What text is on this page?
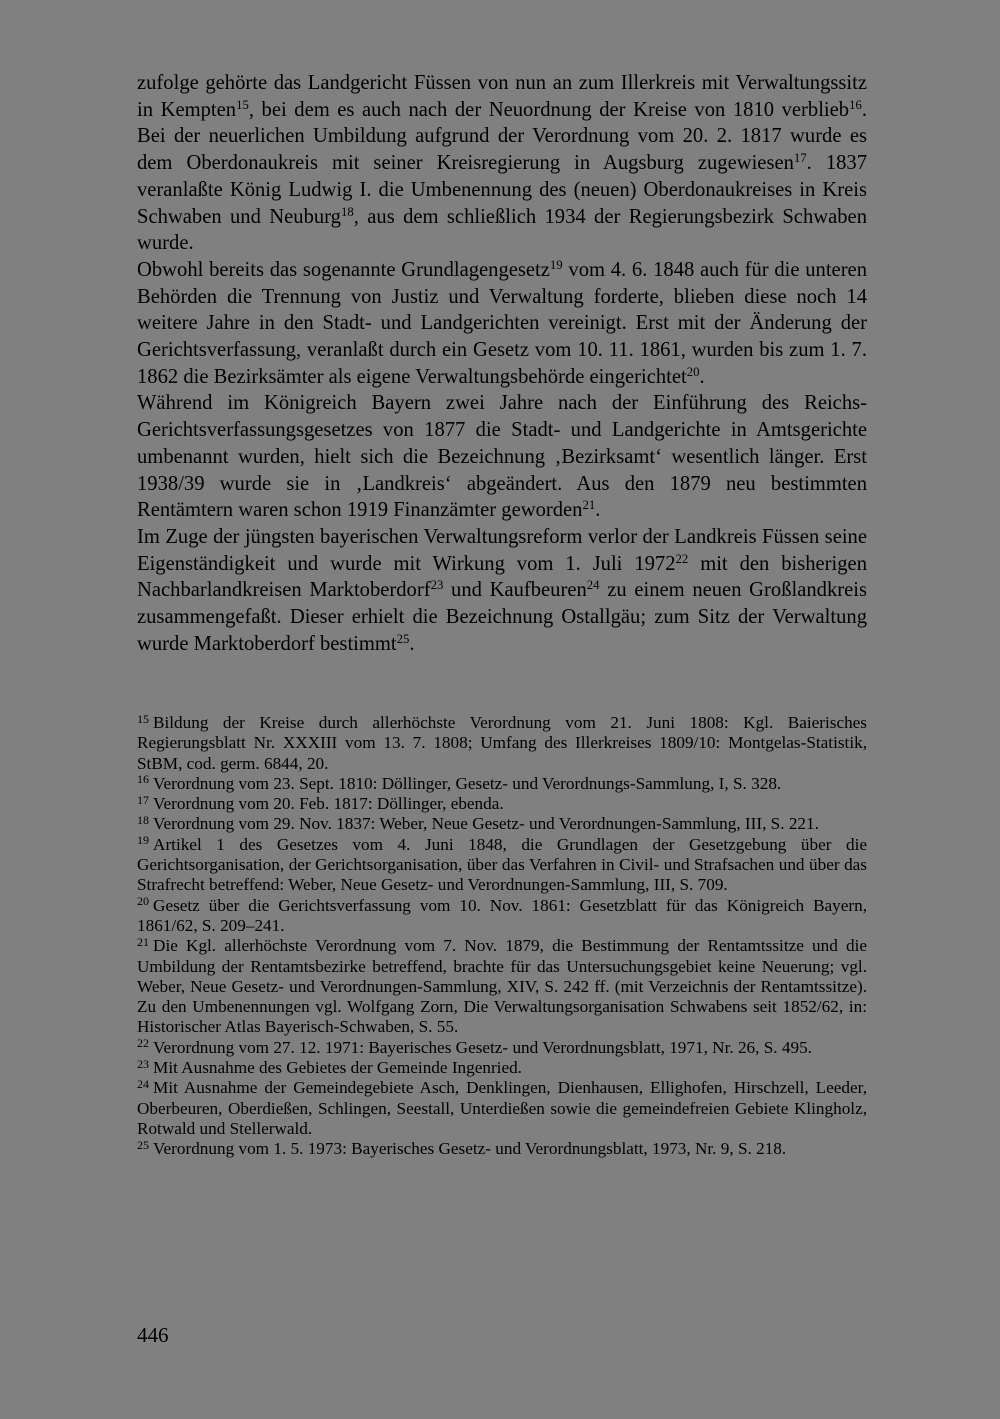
zufolge gehörte das Landgericht Füssen von nun an zum Illerkreis mit Verwaltungssitz in Kempten$^{15}$, bei dem es auch nach der Neuordnung der Kreise von 1810 verblieb$^{16}$. Bei der neuerlichen Umbildung aufgrund der Verordnung vom 20. 2. 1817 wurde es dem Oberdonaukreis mit seiner Kreisregierung in Augsburg zugewiesen$^{17}$. 1837 veranlaßte König Ludwig I. die Umbenennung des (neuen) Oberdonaukreises in Kreis Schwaben und Neuburg$^{18}$, aus dem schließlich 1934 der Regierungsbezirk Schwaben wurde.

Obwohl bereits das sogenannte Grundlagengesetz$^{19}$ vom 4. 6. 1848 auch für die unteren Behörden die Trennung von Justiz und Verwaltung forderte, blieben diese noch 14 weitere Jahre in den Stadt- und Landgerichten vereinigt. Erst mit der Änderung der Gerichtsverfassung, veranlaßt durch ein Gesetz vom 10. 11. 1861, wurden bis zum 1. 7. 1862 die Bezirksämter als eigene Verwaltungsbehörde eingerichtet$^{20}$.

Während im Königreich Bayern zwei Jahre nach der Einführung des Reichs-Gerichtsverfassungsgesetzes von 1877 die Stadt- und Landgerichte in Amtsgerichte umbenannt wurden, hielt sich die Bezeichnung ‚Bezirksamt‘ wesentlich länger. Erst 1938/39 wurde sie in ‚Landkreis‘ abgeändert. Aus den 1879 neu bestimmten Rentämtern waren schon 1919 Finanzämter geworden$^{21}$.

Im Zuge der jüngsten bayerischen Verwaltungsreform verlor der Landkreis Füssen seine Eigenständigkeit und wurde mit Wirkung vom 1. Juli 1972$^{22}$ mit den bisherigen Nachbarlandkreisen Marktoberdorf$^{23}$ und Kaufbeuren$^{24}$ zu einem neuen Großlandkreis zusammengefaßt. Dieser erhielt die Bezeichnung Ostallgäu; zum Sitz der Verwaltung wurde Marktoberdorf bestimmt$^{25}$.

$^{15}$ Bildung der Kreise durch allerhöchste Verordnung vom 21. Juni 1808: Kgl. Baierisches Regierungsblatt Nr. XXXIII vom 13. 7. 1808; Umfang des Illerkreises 1809/10: Montgelas-Statistik, StBM, cod. germ. 6844, 20.

$^{16}$ Verordnung vom 23. Sept. 1810: Döllinger, Gesetz- und Verordnungs-Sammlung, I, S. 328.

$^{17}$ Verordnung vom 20. Feb. 1817: Döllinger, ebenda.

$^{18}$ Verordnung vom 29. Nov. 1837: Weber, Neue Gesetz- und Verordnungen-Sammlung, III, S. 221.

$^{19}$ Artikel 1 des Gesetzes vom 4. Juni 1848, die Grundlagen der Gesetzgebung über die Gerichtsorganisation, der Gerichtsorganisation, über das Verfahren in Civil- und Strafsachen und über das Strafrecht betreffend: Weber, Neue Gesetz- und Verordnungen-Sammlung, III, S. 709.

$^{20}$ Gesetz über die Gerichtsverfassung vom 10. Nov. 1861: Gesetzblatt für das Königreich Bayern, 1861/62, S. 209–241.

$^{21}$ Die Kgl. allerhöchste Verordnung vom 7. Nov. 1879, die Bestimmung der Rentamtssitze und die Umbildung der Rentamtsbezirke betreffend, brachte für das Untersuchungsgebiet keine Neuerung; vgl. Weber, Neue Gesetz- und Verordnungen-Sammlung, XIV, S. 242 ff. (mit Verzeichnis der Rentamtssitze). Zu den Umbenennungen vgl. Wolfgang Zorn, Die Verwaltungsorganisation Schwabens seit 1852/62, in: Historischer Atlas Bayerisch-Schwaben, S. 55.

$^{22}$ Verordnung vom 27. 12. 1971: Bayerisches Gesetz- und Verordnungsblatt, 1971, Nr. 26, S. 495.

$^{23}$ Mit Ausnahme des Gebietes der Gemeinde Ingenried.

$^{24}$ Mit Ausnahme der Gemeindegebiete Asch, Denklingen, Dienhausen, Ellighofen, Hirschzell, Leeder, Oberbeuren, Oberdießen, Schlingen, Seestall, Unterdießen sowie die gemeindefreien Gebiete Klingholz, Rotwald und Stellerwald.

$^{25}$ Verordnung vom 1. 5. 1973: Bayerisches Gesetz- und Verordnungsblatt, 1973, Nr. 9, S. 218.

446
